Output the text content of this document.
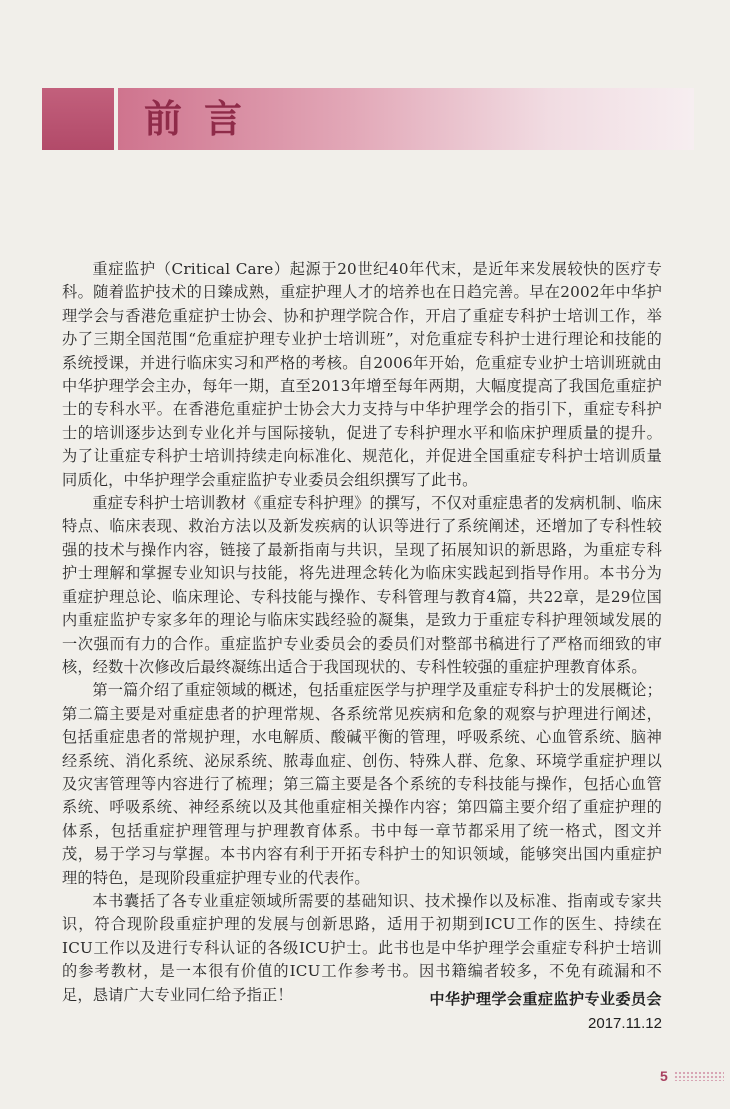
前言

重症监护（Critical Care）起源于20世纪40年代末，是近年来发展较快的医疗专科。随着监护技术的日臻成熟，重症护理人才的培养也在日趋完善。早在2002年中华护理学会与香港危重症护士协会、协和护理学院合作，开启了重症专科护士培训工作，举办了三期全国范围“危重症护理专业护士培训班”，对危重症专科护士进行理论和技能的系统授课，并进行临床实习和严格的考核。自2006年开始，危重症专业护士培训班就由中华护理学会主办，每年一期，直至2013年增至每年两期，大幅度提高了我国危重症护士的专科水平。在香港危重症护士协会大力支持与中华护理学会的指引下，重症专科护士的培训逐步达到专业化并与国际接轨，促进了专科护理水平和临床护理质量的提升。为了让重症专科护士培训持续走向标准化、规范化，并促进全国重症专科护士培训质量同质化，中华护理学会重症监护专业委员会组织撰写了此书。

重症专科护士培训教材《重症专科护理》的撰写，不仅对重症患者的发病机制、临床特点、临床表现、救治方法以及新发疾病的认识等进行了系统阐述，还增加了专科性较强的技术与操作内容，链接了最新指南与共识，呈现了拓展知识的新思路，为重症专科护士理解和掌握专业知识与技能，将先进理念转化为临床实践起到指导作用。本书分为重症护理总论、临床理论、专科技能与操作、专科管理与教育4篇，共22章，是29位国内重症监护专家多年的理论与临床实践经验的凝集，是致力于重症专科护理领域发展的一次强而有力的合作。重症监护专业委员会的委员们对整部书稿进行了严格而细致的审核，经数十次修改后最终凝练出适合于我国现状的、专科性较强的重症护理教育体系。

第一篇介绍了重症领域的概述，包括重症医学与护理学及重症专科护士的发展概论；第二篇主要是对重症患者的护理常规、各系统常见疾病和危象的观察与护理进行阐述，包括重症患者的常规护理，水电解质、酸碱平衡的管理，呼吸系统、心血管系统、脑神经系统、消化系统、泌尿系统、脓毒血症、创伤、特殊人群、危象、环境学重症护理以及灾害管理等内容进行了梳理；第三篇主要是各个系统的专科技能与操作，包括心血管系统、呼吸系统、神经系统以及其他重症相关操作内容；第四篇主要介绍了重症护理的体系，包括重症护理管理与护理教育体系。书中每一章节都采用了统一格式，图文并茂，易于学习与掌握。本书内容有利于开拓专科护士的知识领域，能够突出国内重症护理的特色，是现阶段重症护理专业的代表作。

本书囊括了各专业重症领域所需要的基础知识、技术操作以及标准、指南或专家共识，符合现阶段重症护理的发展与创新思路，适用于初期到ICU工作的医生、持续在ICU工作以及进行专科认证的各级ICU护士。此书也是中华护理学会重症专科护士培训的参考教材，是一本很有价值的ICU工作参考书。因书籍编者较多，不免有疏漏和不足，恳请广大专业同仁给予指正！	中华护理学会重症监护专业委员会
2017.11.12
5
